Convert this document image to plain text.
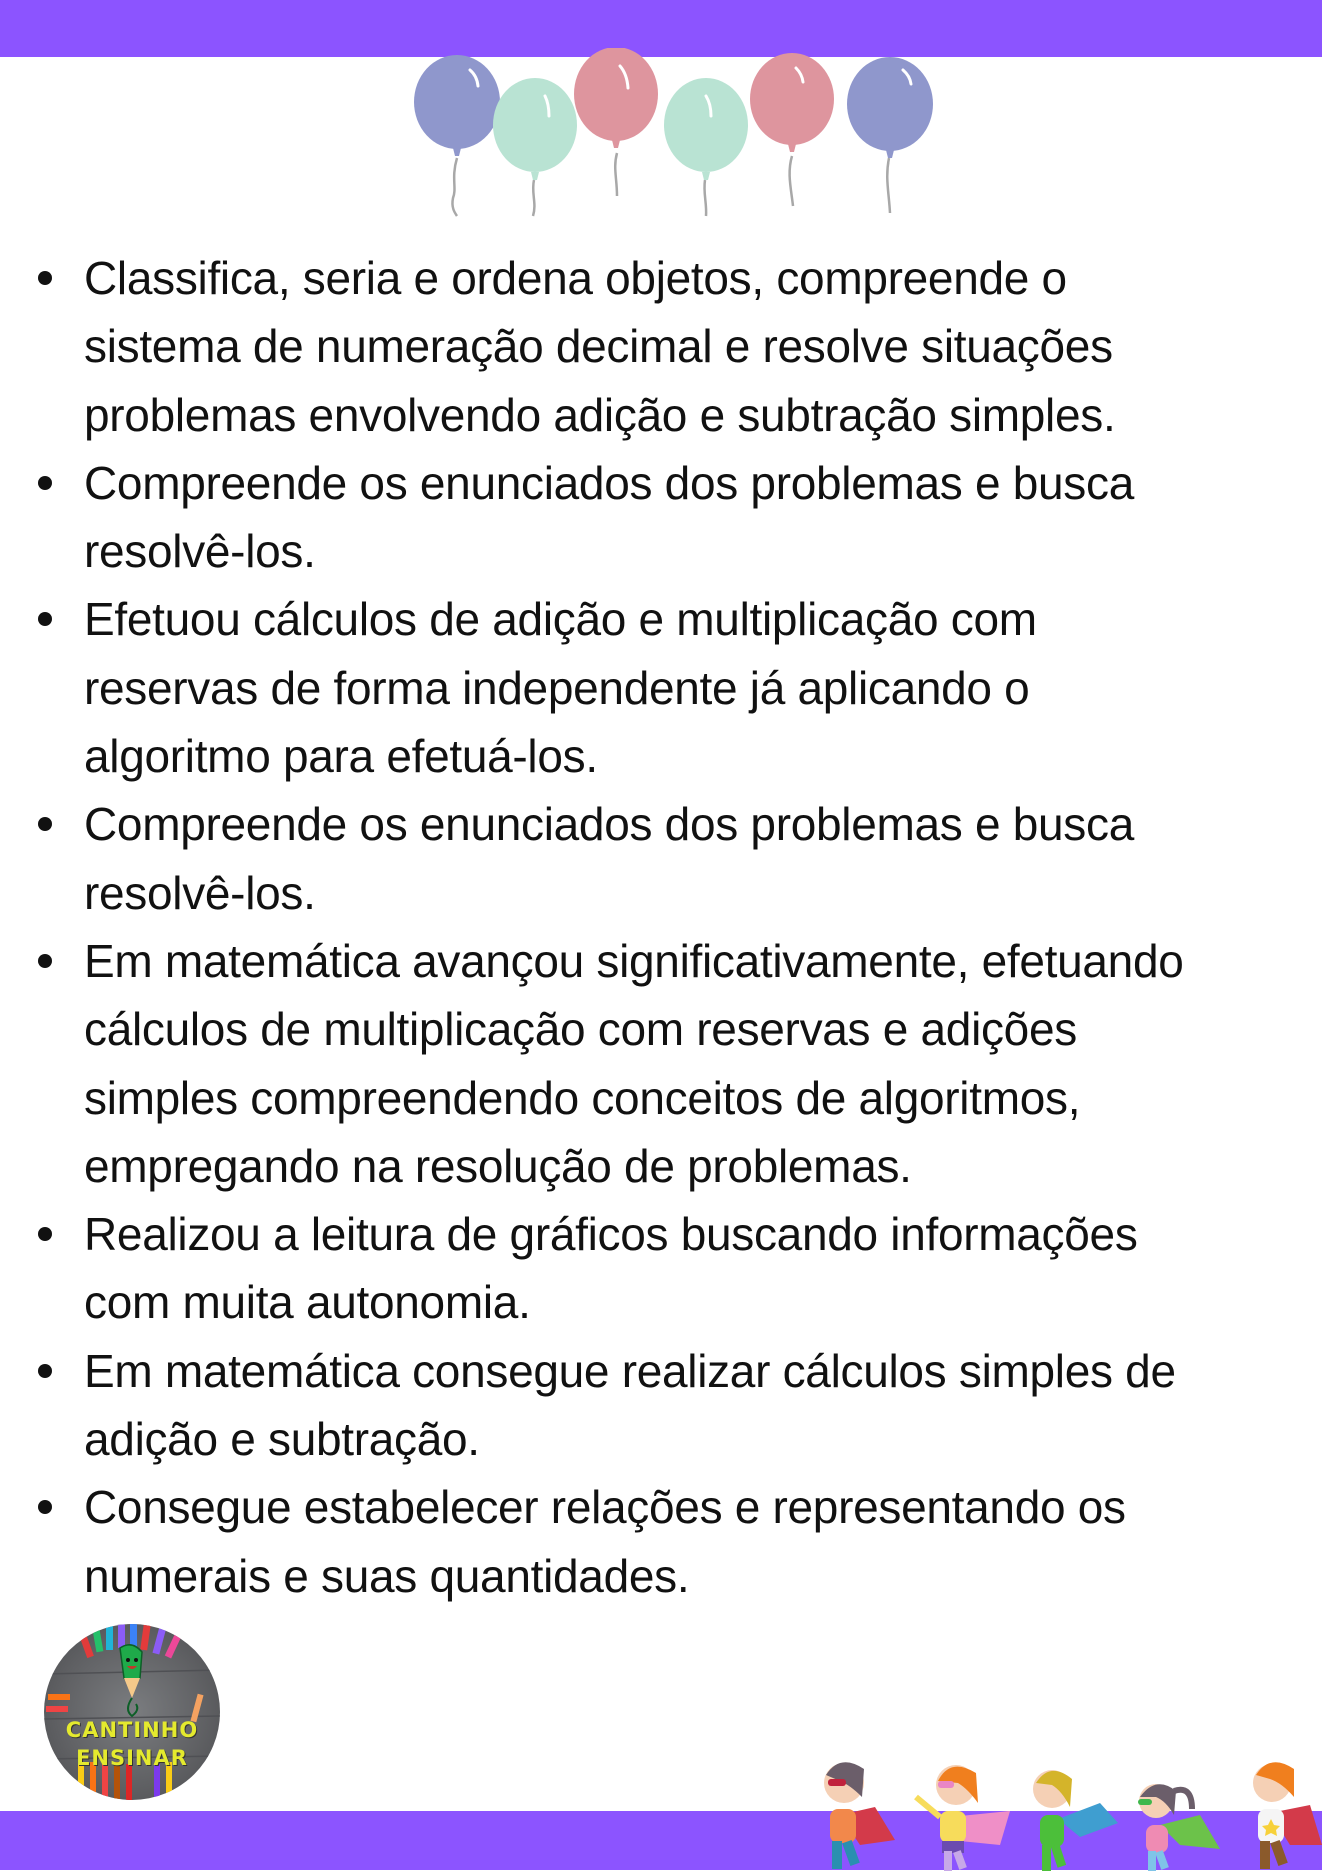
Classifica, seria e ordena objetos, compreende o
sistema de numeração decimal e resolve situações
problemas envolvendo adição e subtração simples.
Compreende os enunciados dos problemas e busca
resolvê-los.
Efetuou cálculos de adição e multiplicação com
reservas de forma independente já aplicando o
algoritmo para efetuá-los.
Compreende os enunciados dos problemas e busca
resolvê-los.
Em matemática avançou significativamente, efetuando
cálculos de multiplicação com reservas e adições
simples compreendendo conceitos de algoritmos,
empregando na resolução de problemas.
Realizou a leitura de gráficos buscando informações
com muita autonomia.
Em matemática consegue realizar cálculos simples de
adição e subtração.
Consegue estabelecer relações e representando os
numerais e suas quantidades.
CANTINHO
ENSINAR
